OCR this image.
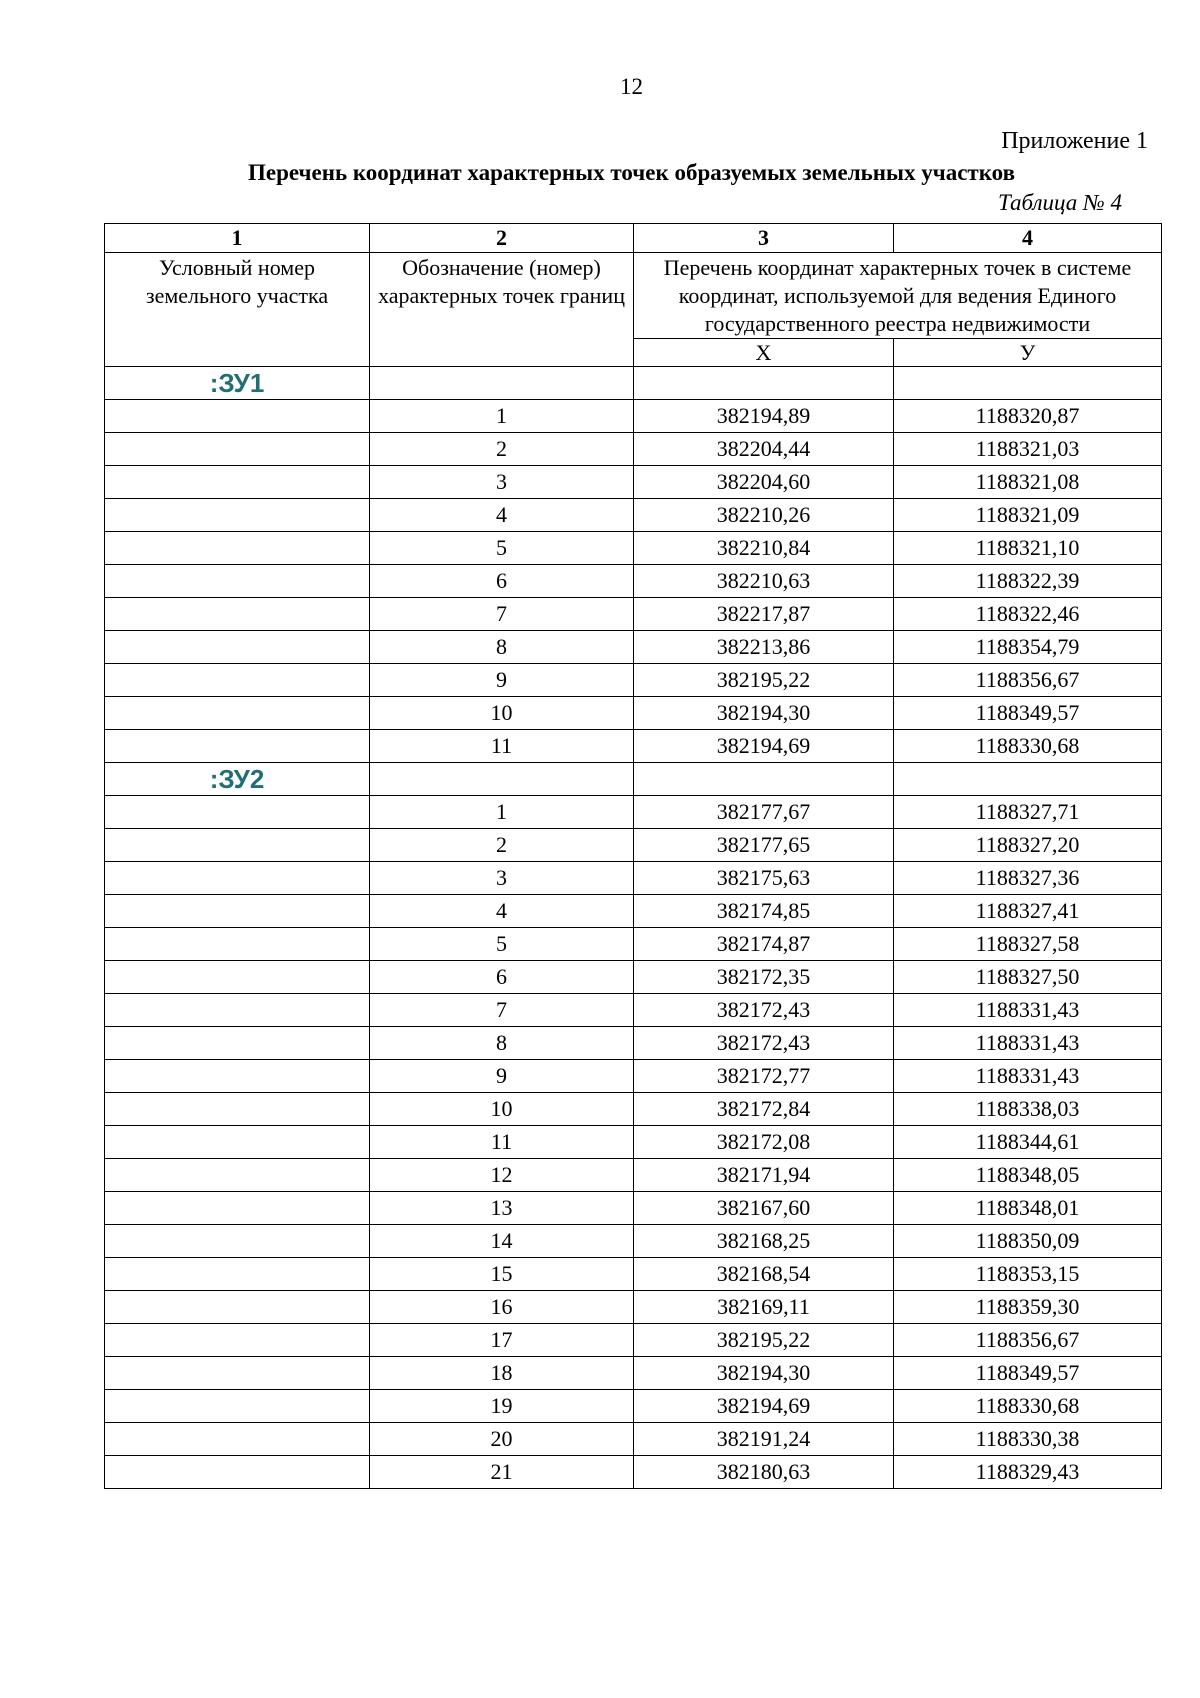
12
Приложение 1
Перечень координат характерных точек образуемых земельных участков
Таблица № 4
1	2	3	4
Условный номер земельного участка	Обозначение (номер) характерных точек границ	Перечень координат характерных точек в системе координат, используемой для ведения Единого государственного реестра недвижимости	
		Х	У
:ЗУ1			
	1	382194,89	1188320,87
	2	382204,44	1188321,03
	3	382204,60	1188321,08
	4	382210,26	1188321,09
	5	382210,84	1188321,10
	6	382210,63	1188322,39
	7	382217,87	1188322,46
	8	382213,86	1188354,79
	9	382195,22	1188356,67
	10	382194,30	1188349,57
	11	382194,69	1188330,68
:ЗУ2			
	1	382177,67	1188327,71
	2	382177,65	1188327,20
	3	382175,63	1188327,36
	4	382174,85	1188327,41
	5	382174,87	1188327,58
	6	382172,35	1188327,50
	7	382172,43	1188331,43
	8	382172,43	1188331,43
	9	382172,77	1188331,43
	10	382172,84	1188338,03
	11	382172,08	1188344,61
	12	382171,94	1188348,05
	13	382167,60	1188348,01
	14	382168,25	1188350,09
	15	382168,54	1188353,15
	16	382169,11	1188359,30
	17	382195,22	1188356,67
	18	382194,30	1188349,57
	19	382194,69	1188330,68
	20	382191,24	1188330,38
	21	382180,63	1188329,43
